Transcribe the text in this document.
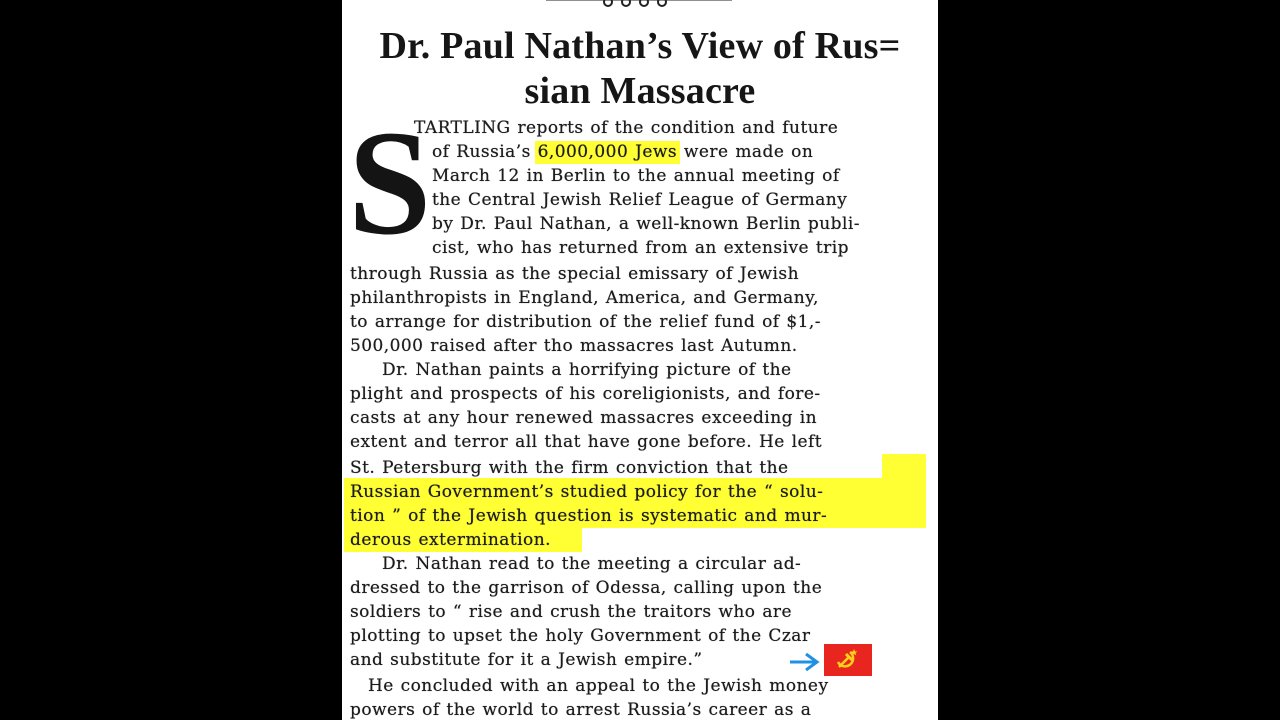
Dr. Paul Nathan’s View of Rus=
sian Massacre
S
TARTLING reports of the condition and future
of Russia’s 6,000,000 Jews were made on
March 12 in Berlin to the annual meeting of
the Central Jewish Relief League of Germany
by Dr. Paul Nathan, a well-known Berlin publi-
cist, who has returned from an extensive trip
through Russia as the special emissary of Jewish
philanthropists in England, America, and Germany,
to arrange for distribution of the relief fund of $1,-
500,000 raised after tho massacres last Autumn.
Dr. Nathan paints a horrifying picture of the
plight and prospects of his coreligionists, and fore-
casts at any hour renewed massacres exceeding in
extent and terror all that have gone before. He left
St. Petersburg with the firm conviction that the
Russian Government’s studied policy for the “ solu-
tion ” of the Jewish question is systematic and mur-
derous extermination.
Dr. Nathan read to the meeting a circular ad-
dressed to the garrison of Odessa, calling upon the
soldiers to “ rise and crush the traitors who are
plotting to upset the holy Government of the Czar
and substitute for it a Jewish empire.”
He concluded with an appeal to the Jewish money
powers of the world to arrest Russia’s career as a
